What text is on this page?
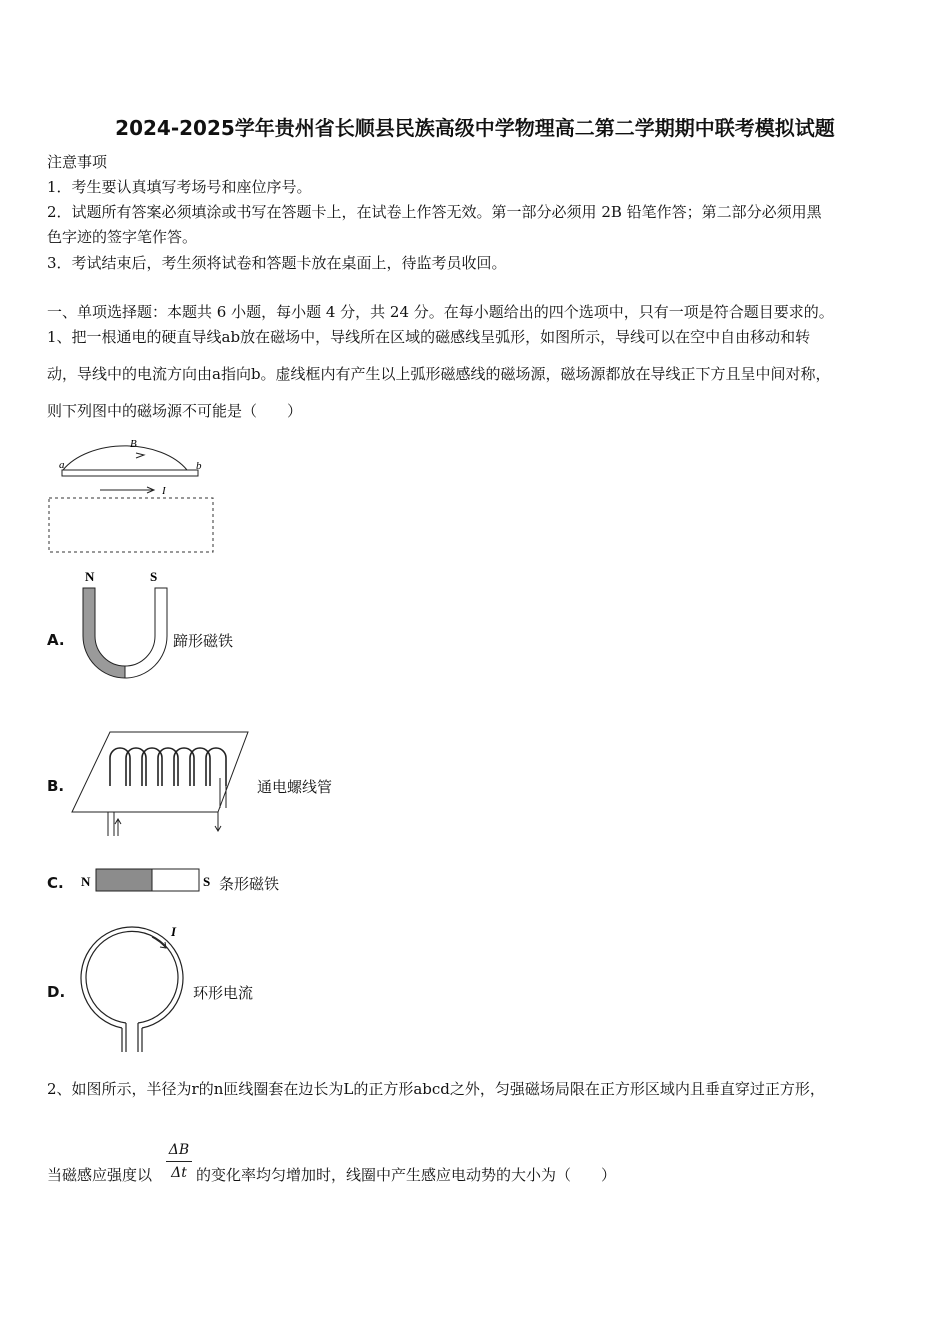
2024-2025学年贵州省长顺县民族高级中学物理高二第二学期期中联考模拟试题
注意事项
1．考生要认真填写考场号和座位序号。
2．试题所有答案必须填涂或书写在答题卡上，在试卷上作答无效。第一部分必须用 2B 铅笔作答；第二部分必须用黑
色字迹的签字笔作答。
3．考试结束后，考生须将试卷和答题卡放在桌面上，待监考员收回。
一、单项选择题：本题共 6 小题，每小题 4 分，共 24 分。在每小题给出的四个选项中，只有一项是符合题目要求的。
1、把一根通电的硬直导线ab放在磁场中，导线所在区域的磁感线呈弧形，如图所示，导线可以在空中自由移动和转
动，导线中的电流方向由a指向b。虚线框内有产生以上弧形磁感线的磁场源，磁场源都放在导线正下方且呈中间对称，
则下列图中的磁场源不可能是（　　）
a	b
B
I
A.
N	S
蹄形磁铁
B.	通电螺线管
C. N	S 条形磁铁
D.
I
环形电流
2、如图所示，半径为r的n匝线圈套在边长为L的正方形abcd之外，匀强磁场局限在正方形区域内且垂直穿过正方形，
当磁感应强度以
ΔB
Δt 的变化率均匀增加时，线圈中产生感应电动势的大小为（　　）
